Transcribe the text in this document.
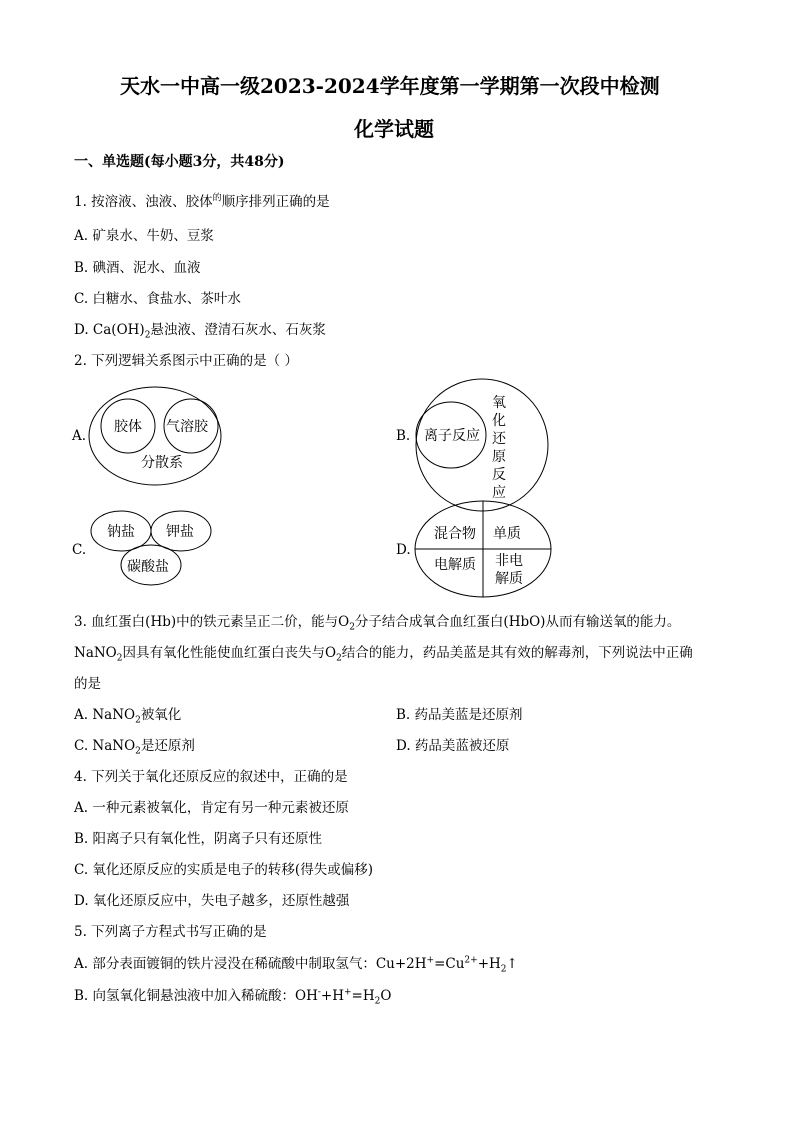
天水一中高一级2023-2024学年度第一学期第一次段中检测
化学试题
一、单选题(每小题3分，共48分)
1. 按溶液、浊液、胶体$^的$顺序排列正确的是
A. 矿泉水、牛奶、豆浆
B. 碘酒、泥水、血液
C. 白糖水、食盐水、茶叶水
D. $Ca(OH)_2$悬浊液、澄清石灰水、石灰浆
2. 下列逻辑关系图示中正确的是（ ）
A.
胶体 气溶胶
分散系
B. 离子反应
氧
化
还
原
反
应
C.
钠盐 钾盐
碳酸盐
D.
混合物 单质
电解质 非电
解质
3. 血红蛋白(Hb)中的铁元素呈正二价，能与$O_2$分子结合成氧合血红蛋白(HbO)从而有输送氧的能力。
NaNO$_2$因具有氧化性能使血红蛋白丧失与$O_2$结合的能力，药品美蓝是其有效的解毒剂，下列说法中正确
的是
A. NaNO$_2$被氧化	B. 药品美蓝是还原剂
C. NaNO$_2$是还原剂	D. 药品美蓝被还原
4. 下列关于氧化还原反应的叙述中，正确的是
A. 一种元素被氧化，肯定有另一种元素被还原
B. 阳离子只有氧化性，阴离子只有还原性
C. 氧化还原反应的实质是电子的转移(得失或偏移)
D. 氧化还原反应中，失电子越多，还原性越强
5. 下列离子方程式书写正确的是
A. 部分表面镀铜的铁片浸没在稀硫酸中制取氢气：$Cu+2H^+=Cu^{2+}+H_2↑$
B. 向氢氧化铜悬浊液中加入稀硫酸：$OH^-+H^+=H_2O$
